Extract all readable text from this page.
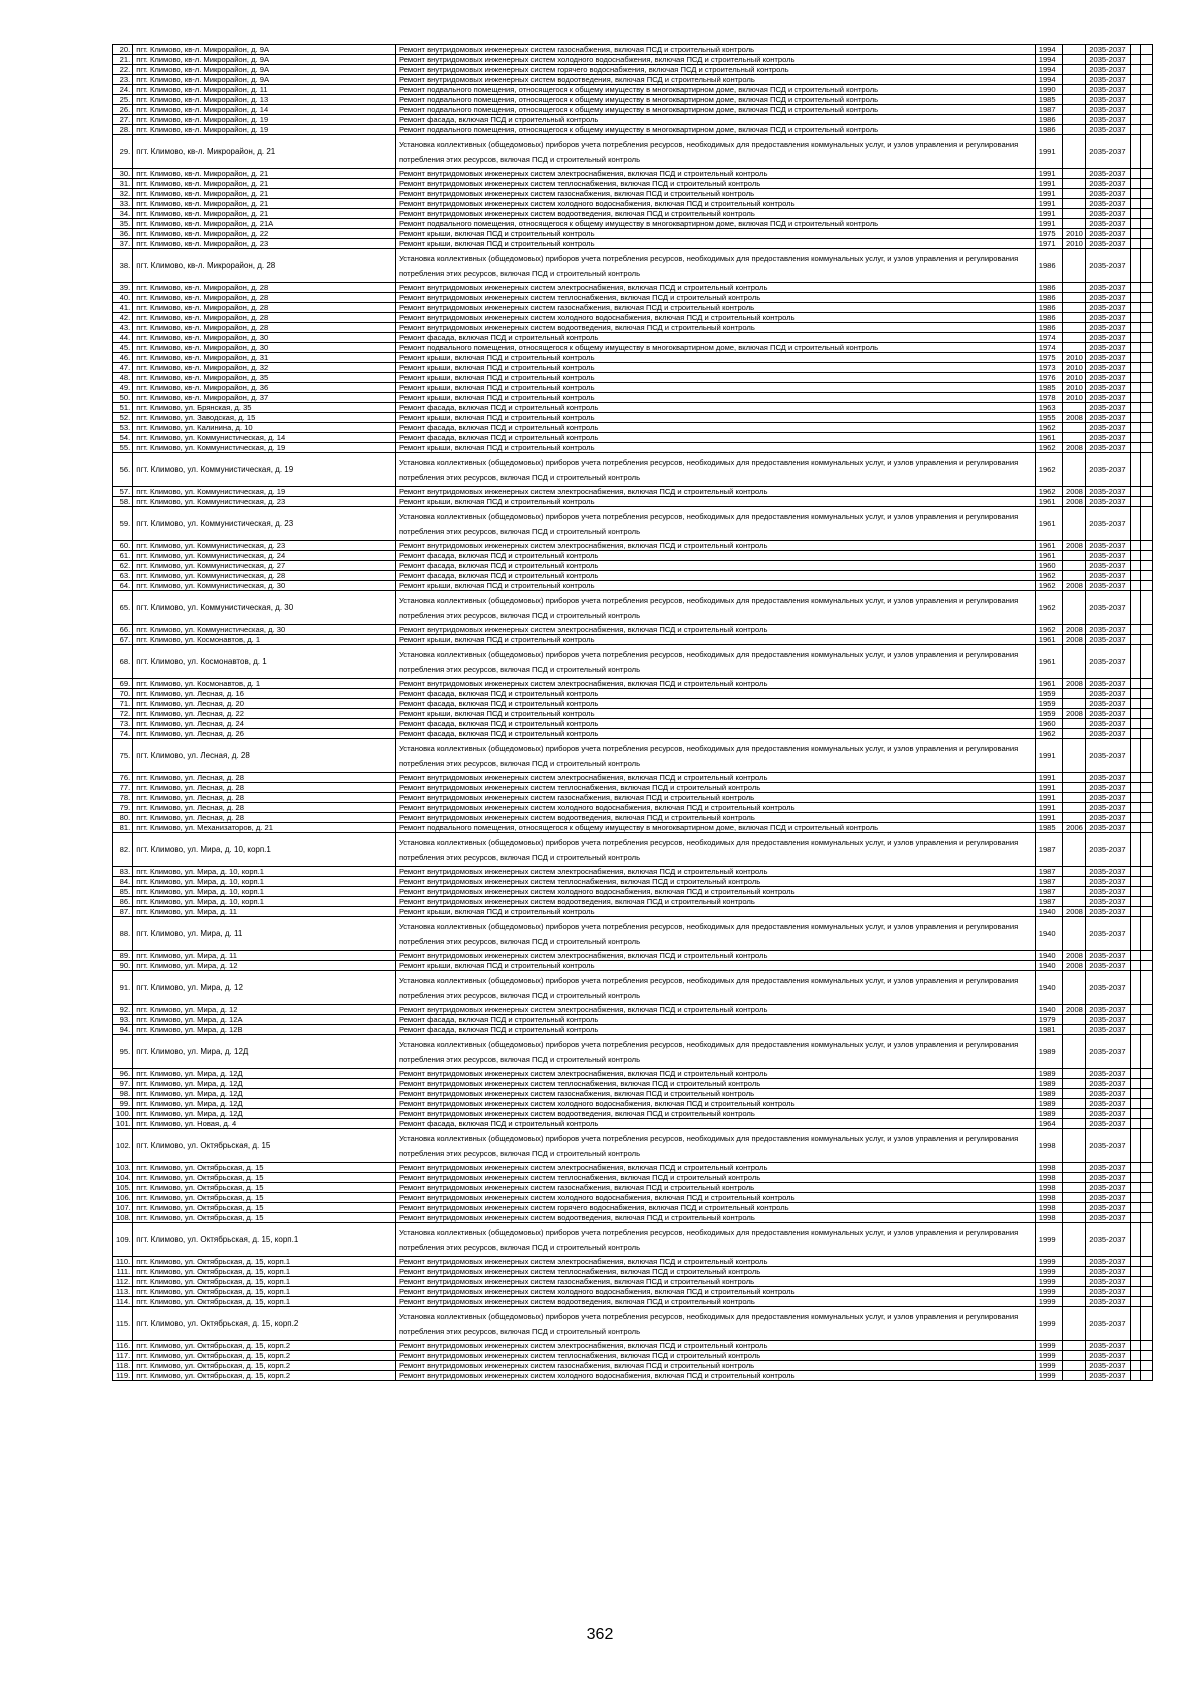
20.	пгт. Климово, кв-л. Микрорайон, д. 9А	Ремонт внутридомовых инженерных систем газоснабжения, включая ПСД и строительный контроль	1994		2035-2037		
21.	пгт. Климово, кв-л. Микрорайон, д. 9А	Ремонт внутридомовых инженерных систем холодного водоснабжения, включая ПСД и строительный контроль	1994		2035-2037		
22.	пгт. Климово, кв-л. Микрорайон, д. 9А	Ремонт внутридомовых инженерных систем горячего водоснабжения, включая ПСД и строительный контроль	1994		2035-2037		
23.	пгт. Климово, кв-л. Микрорайон, д. 9А	Ремонт внутридомовых инженерных систем водоотведения, включая ПСД и строительный контроль	1994		2035-2037		
24.	пгт. Климово, кв-л. Микрорайон, д. 11	Ремонт подвального помещения, относящегося к общему имуществу в многоквартирном доме, включая ПСД и строительный контроль	1990		2035-2037		
25.	пгт. Климово, кв-л. Микрорайон, д. 13	Ремонт подвального помещения, относящегося к общему имуществу в многоквартирном доме, включая ПСД и строительный контроль	1985		2035-2037		
26.	пгт. Климово, кв-л. Микрорайон, д. 14	Ремонт подвального помещения, относящегося к общему имуществу в многоквартирном доме, включая ПСД и строительный контроль	1987		2035-2037		
27.	пгт. Климово, кв-л. Микрорайон, д. 19	Ремонт фасада, включая ПСД и строительный контроль	1986		2035-2037		
28.	пгт. Климово, кв-л. Микрорайон, д. 19	Ремонт подвального помещения, относящегося к общему имуществу в многоквартирном доме, включая ПСД и строительный контроль	1986		2035-2037		
29.	пгт. Климово, кв-л. Микрорайон, д. 21	Установка коллективных (общедомовых) приборов учета потребления ресурсов, необходимых для предоставления коммунальных услуг, и узлов управления и регулирования потребления этих ресурсов, включая ПСД и строительный контроль	1991		2035-2037		
30.	пгт. Климово, кв-л. Микрорайон, д. 21	Ремонт внутридомовых инженерных систем электроснабжения, включая ПСД и строительный контроль	1991		2035-2037		
31.	пгт. Климово, кв-л. Микрорайон, д. 21	Ремонт внутридомовых инженерных систем теплоснабжения, включая ПСД и строительный контроль	1991		2035-2037		
32.	пгт. Климово, кв-л. Микрорайон, д. 21	Ремонт внутридомовых инженерных систем газоснабжения, включая ПСД и строительный контроль	1991		2035-2037		
33.	пгт. Климово, кв-л. Микрорайон, д. 21	Ремонт внутридомовых инженерных систем холодного водоснабжения, включая ПСД и строительный контроль	1991		2035-2037		
34.	пгт. Климово, кв-л. Микрорайон, д. 21	Ремонт внутридомовых инженерных систем водоотведения, включая ПСД и строительный контроль	1991		2035-2037		
35.	пгт. Климово, кв-л. Микрорайон, д. 21А	Ремонт подвального помещения, относящегося к общему имуществу в многоквартирном доме, включая ПСД и строительный контроль	1991		2035-2037		
36.	пгт. Климово, кв-л. Микрорайон, д. 22	Ремонт крыши, включая ПСД и строительный контроль	1975	2010	2035-2037		
37.	пгт. Климово, кв-л. Микрорайон, д. 23	Ремонт крыши, включая ПСД и строительный контроль	1971	2010	2035-2037		
38.	пгт. Климово, кв-л. Микрорайон, д. 28	Установка коллективных (общедомовых) приборов учета потребления ресурсов, необходимых для предоставления коммунальных услуг, и узлов управления и регулирования потребления этих ресурсов, включая ПСД и строительный контроль	1986		2035-2037		
39.	пгт. Климово, кв-л. Микрорайон, д. 28	Ремонт внутридомовых инженерных систем электроснабжения, включая ПСД и строительный контроль	1986		2035-2037		
40.	пгт. Климово, кв-л. Микрорайон, д. 28	Ремонт внутридомовых инженерных систем теплоснабжения, включая ПСД и строительный контроль	1986		2035-2037		
41.	пгт. Климово, кв-л. Микрорайон, д. 28	Ремонт внутридомовых инженерных систем газоснабжения, включая ПСД и строительный контроль	1986		2035-2037		
42.	пгт. Климово, кв-л. Микрорайон, д. 28	Ремонт внутридомовых инженерных систем холодного водоснабжения, включая ПСД и строительный контроль	1986		2035-2037		
43.	пгт. Климово, кв-л. Микрорайон, д. 28	Ремонт внутридомовых инженерных систем водоотведения, включая ПСД и строительный контроль	1986		2035-2037		
44.	пгт. Климово, кв-л. Микрорайон, д. 30	Ремонт фасада, включая ПСД и строительный контроль	1974		2035-2037		
45.	пгт. Климово, кв-л. Микрорайон, д. 30	Ремонт подвального помещения, относящегося к общему имуществу в многоквартирном доме, включая ПСД и строительный контроль	1974		2035-2037		
46.	пгт. Климово, кв-л. Микрорайон, д. 31	Ремонт крыши, включая ПСД и строительный контроль	1975	2010	2035-2037		
47.	пгт. Климово, кв-л. Микрорайон, д. 32	Ремонт крыши, включая ПСД и строительный контроль	1973	2010	2035-2037		
48.	пгт. Климово, кв-л. Микрорайон, д. 35	Ремонт крыши, включая ПСД и строительный контроль	1976	2010	2035-2037		
49.	пгт. Климово, кв-л. Микрорайон, д. 36	Ремонт крыши, включая ПСД и строительный контроль	1985	2010	2035-2037		
50.	пгт. Климово, кв-л. Микрорайон, д. 37	Ремонт крыши, включая ПСД и строительный контроль	1978	2010	2035-2037		
51.	пгт. Климово, ул. Брянская, д. 35	Ремонт фасада, включая ПСД и строительный контроль	1963		2035-2037		
52.	пгт. Климово, ул. Заводская, д. 15	Ремонт крыши, включая ПСД и строительный контроль	1955	2008	2035-2037		
53.	пгт. Климово, ул. Калинина, д. 10	Ремонт фасада, включая ПСД и строительный контроль	1962		2035-2037		
54.	пгт. Климово, ул. Коммунистическая, д. 14	Ремонт фасада, включая ПСД и строительный контроль	1961		2035-2037		
55.	пгт. Климово, ул. Коммунистическая, д. 19	Ремонт крыши, включая ПСД и строительный контроль	1962	2008	2035-2037		
56.	пгт. Климово, ул. Коммунистическая, д. 19	Установка коллективных (общедомовых) приборов учета потребления ресурсов, необходимых для предоставления коммунальных услуг, и узлов управления и регулирования потребления этих ресурсов, включая ПСД и строительный контроль	1962		2035-2037		
57.	пгт. Климово, ул. Коммунистическая, д. 19	Ремонт внутридомовых инженерных систем электроснабжения, включая ПСД и строительный контроль	1962	2008	2035-2037		
58.	пгт. Климово, ул. Коммунистическая, д. 23	Ремонт крыши, включая ПСД и строительный контроль	1961	2008	2035-2037		
59.	пгт. Климово, ул. Коммунистическая, д. 23	Установка коллективных (общедомовых) приборов учета потребления ресурсов, необходимых для предоставления коммунальных услуг, и узлов управления и регулирования потребления этих ресурсов, включая ПСД и строительный контроль	1961		2035-2037		
60.	пгт. Климово, ул. Коммунистическая, д. 23	Ремонт внутридомовых инженерных систем электроснабжения, включая ПСД и строительный контроль	1961	2008	2035-2037		
61.	пгт. Климово, ул. Коммунистическая, д. 24	Ремонт фасада, включая ПСД и строительный контроль	1961		2035-2037		
62.	пгт. Климово, ул. Коммунистическая, д. 27	Ремонт фасада, включая ПСД и строительный контроль	1960		2035-2037		
63.	пгт. Климово, ул. Коммунистическая, д. 28	Ремонт фасада, включая ПСД и строительный контроль	1962		2035-2037		
64.	пгт. Климово, ул. Коммунистическая, д. 30	Ремонт крыши, включая ПСД и строительный контроль	1962	2008	2035-2037		
65.	пгт. Климово, ул. Коммунистическая, д. 30	Установка коллективных (общедомовых) приборов учета потребления ресурсов, необходимых для предоставления коммунальных услуг, и узлов управления и регулирования потребления этих ресурсов, включая ПСД и строительный контроль	1962		2035-2037		
66.	пгт. Климово, ул. Коммунистическая, д. 30	Ремонт внутридомовых инженерных систем электроснабжения, включая ПСД и строительный контроль	1962	2008	2035-2037		
67.	пгт. Климово, ул. Космонавтов, д. 1	Ремонт крыши, включая ПСД и строительный контроль	1961	2008	2035-2037		
68.	пгт. Климово, ул. Космонавтов, д. 1	Установка коллективных (общедомовых) приборов учета потребления ресурсов, необходимых для предоставления коммунальных услуг, и узлов управления и регулирования потребления этих ресурсов, включая ПСД и строительный контроль	1961		2035-2037		
69.	пгт. Климово, ул. Космонавтов, д. 1	Ремонт внутридомовых инженерных систем электроснабжения, включая ПСД и строительный контроль	1961	2008	2035-2037		
70.	пгт. Климово, ул. Лесная, д. 16	Ремонт фасада, включая ПСД и строительный контроль	1959		2035-2037		
71.	пгт. Климово, ул. Лесная, д. 20	Ремонт фасада, включая ПСД и строительный контроль	1959		2035-2037		
72.	пгт. Климово, ул. Лесная, д. 22	Ремонт крыши, включая ПСД и строительный контроль	1959	2008	2035-2037		
73.	пгт. Климово, ул. Лесная, д. 24	Ремонт фасада, включая ПСД и строительный контроль	1960		2035-2037		
74.	пгт. Климово, ул. Лесная, д. 26	Ремонт фасада, включая ПСД и строительный контроль	1962		2035-2037		
75.	пгт. Климово, ул. Лесная, д. 28	Установка коллективных (общедомовых) приборов учета потребления ресурсов, необходимых для предоставления коммунальных услуг, и узлов управления и регулирования потребления этих ресурсов, включая ПСД и строительный контроль	1991		2035-2037		
76.	пгт. Климово, ул. Лесная, д. 28	Ремонт внутридомовых инженерных систем электроснабжения, включая ПСД и строительный контроль	1991		2035-2037		
77.	пгт. Климово, ул. Лесная, д. 28	Ремонт внутридомовых инженерных систем теплоснабжения, включая ПСД и строительный контроль	1991		2035-2037		
78.	пгт. Климово, ул. Лесная, д. 28	Ремонт внутридомовых инженерных систем газоснабжения, включая ПСД и строительный контроль	1991		2035-2037		
79.	пгт. Климово, ул. Лесная, д. 28	Ремонт внутридомовых инженерных систем холодного водоснабжения, включая ПСД и строительный контроль	1991		2035-2037		
80.	пгт. Климово, ул. Лесная, д. 28	Ремонт внутридомовых инженерных систем водоотведения, включая ПСД и строительный контроль	1991		2035-2037		
81.	пгт. Климово, ул. Механизаторов, д. 21	Ремонт подвального помещения, относящегося к общему имуществу в многоквартирном доме, включая ПСД и строительный контроль	1985	2006	2035-2037		
82.	пгт. Климово, ул. Мира, д. 10, корп.1	Установка коллективных (общедомовых) приборов учета потребления ресурсов, необходимых для предоставления коммунальных услуг, и узлов управления и регулирования потребления этих ресурсов, включая ПСД и строительный контроль	1987		2035-2037		
83.	пгт. Климово, ул. Мира, д. 10, корп.1	Ремонт внутридомовых инженерных систем электроснабжения, включая ПСД и строительный контроль	1987		2035-2037		
84.	пгт. Климово, ул. Мира, д. 10, корп.1	Ремонт внутридомовых инженерных систем теплоснабжения, включая ПСД и строительный контроль	1987		2035-2037		
85.	пгт. Климово, ул. Мира, д. 10, корп.1	Ремонт внутридомовых инженерных систем холодного водоснабжения, включая ПСД и строительный контроль	1987		2035-2037		
86.	пгт. Климово, ул. Мира, д. 10, корп.1	Ремонт внутридомовых инженерных систем водоотведения, включая ПСД и строительный контроль	1987		2035-2037		
87.	пгт. Климово, ул. Мира, д. 11	Ремонт крыши, включая ПСД и строительный контроль	1940	2008	2035-2037		
88.	пгт. Климово, ул. Мира, д. 11	Установка коллективных (общедомовых) приборов учета потребления ресурсов, необходимых для предоставления коммунальных услуг, и узлов управления и регулирования потребления этих ресурсов, включая ПСД и строительный контроль	1940		2035-2037		
89.	пгт. Климово, ул. Мира, д. 11	Ремонт внутридомовых инженерных систем электроснабжения, включая ПСД и строительный контроль	1940	2008	2035-2037		
90.	пгт. Климово, ул. Мира, д. 12	Ремонт крыши, включая ПСД и строительный контроль	1940	2008	2035-2037		
91.	пгт. Климово, ул. Мира, д. 12	Установка коллективных (общедомовых) приборов учета потребления ресурсов, необходимых для предоставления коммунальных услуг, и узлов управления и регулирования потребления этих ресурсов, включая ПСД и строительный контроль	1940		2035-2037		
92.	пгт. Климово, ул. Мира, д. 12	Ремонт внутридомовых инженерных систем электроснабжения, включая ПСД и строительный контроль	1940	2008	2035-2037		
93.	пгт. Климово, ул. Мира, д. 12А	Ремонт фасада, включая ПСД и строительный контроль	1979		2035-2037		
94.	пгт. Климово, ул. Мира, д. 12В	Ремонт фасада, включая ПСД и строительный контроль	1981		2035-2037		
95.	пгт. Климово, ул. Мира, д. 12Д	Установка коллективных (общедомовых) приборов учета потребления ресурсов, необходимых для предоставления коммунальных услуг, и узлов управления и регулирования потребления этих ресурсов, включая ПСД и строительный контроль	1989		2035-2037		
96.	пгт. Климово, ул. Мира, д. 12Д	Ремонт внутридомовых инженерных систем электроснабжения, включая ПСД и строительный контроль	1989		2035-2037		
97.	пгт. Климово, ул. Мира, д. 12Д	Ремонт внутридомовых инженерных систем теплоснабжения, включая ПСД и строительный контроль	1989		2035-2037		
98.	пгт. Климово, ул. Мира, д. 12Д	Ремонт внутридомовых инженерных систем газоснабжения, включая ПСД и строительный контроль	1989		2035-2037		
99.	пгт. Климово, ул. Мира, д. 12Д	Ремонт внутридомовых инженерных систем холодного водоснабжения, включая ПСД и строительный контроль	1989		2035-2037		
100.	пгт. Климово, ул. Мира, д. 12Д	Ремонт внутридомовых инженерных систем водоотведения, включая ПСД и строительный контроль	1989		2035-2037		
101.	пгт. Климово, ул. Новая, д. 4	Ремонт фасада, включая ПСД и строительный контроль	1964		2035-2037		
102.	пгт. Климово, ул. Октябрьская, д. 15	Установка коллективных (общедомовых) приборов учета потребления ресурсов, необходимых для предоставления коммунальных услуг, и узлов управления и регулирования потребления этих ресурсов, включая ПСД и строительный контроль	1998		2035-2037		
103.	пгт. Климово, ул. Октябрьская, д. 15	Ремонт внутридомовых инженерных систем электроснабжения, включая ПСД и строительный контроль	1998		2035-2037		
104.	пгт. Климово, ул. Октябрьская, д. 15	Ремонт внутридомовых инженерных систем теплоснабжения, включая ПСД и строительный контроль	1998		2035-2037		
105.	пгт. Климово, ул. Октябрьская, д. 15	Ремонт внутридомовых инженерных систем газоснабжения, включая ПСД и строительный контроль	1998		2035-2037		
106.	пгт. Климово, ул. Октябрьская, д. 15	Ремонт внутридомовых инженерных систем холодного водоснабжения, включая ПСД и строительный контроль	1998		2035-2037		
107.	пгт. Климово, ул. Октябрьская, д. 15	Ремонт внутридомовых инженерных систем горячего водоснабжения, включая ПСД и строительный контроль	1998		2035-2037		
108.	пгт. Климово, ул. Октябрьская, д. 15	Ремонт внутридомовых инженерных систем водоотведения, включая ПСД и строительный контроль	1998		2035-2037		
109.	пгт. Климово, ул. Октябрьская, д. 15, корп.1	Установка коллективных (общедомовых) приборов учета потребления ресурсов, необходимых для предоставления коммунальных услуг, и узлов управления и регулирования потребления этих ресурсов, включая ПСД и строительный контроль	1999		2035-2037		
110.	пгт. Климово, ул. Октябрьская, д. 15, корп.1	Ремонт внутридомовых инженерных систем электроснабжения, включая ПСД и строительный контроль	1999		2035-2037		
111.	пгт. Климово, ул. Октябрьская, д. 15, корп.1	Ремонт внутридомовых инженерных систем теплоснабжения, включая ПСД и строительный контроль	1999		2035-2037		
112.	пгт. Климово, ул. Октябрьская, д. 15, корп.1	Ремонт внутридомовых инженерных систем газоснабжения, включая ПСД и строительный контроль	1999		2035-2037		
113.	пгт. Климово, ул. Октябрьская, д. 15, корп.1	Ремонт внутридомовых инженерных систем холодного водоснабжения, включая ПСД и строительный контроль	1999		2035-2037		
114.	пгт. Климово, ул. Октябрьская, д. 15, корп.1	Ремонт внутридомовых инженерных систем водоотведения, включая ПСД и строительный контроль	1999		2035-2037		
115.	пгт. Климово, ул. Октябрьская, д. 15, корп.2	Установка коллективных (общедомовых) приборов учета потребления ресурсов, необходимых для предоставления коммунальных услуг, и узлов управления и регулирования потребления этих ресурсов, включая ПСД и строительный контроль	1999		2035-2037		
116.	пгт. Климово, ул. Октябрьская, д. 15, корп.2	Ремонт внутридомовых инженерных систем электроснабжения, включая ПСД и строительный контроль	1999		2035-2037		
117.	пгт. Климово, ул. Октябрьская, д. 15, корп.2	Ремонт внутридомовых инженерных систем теплоснабжения, включая ПСД и строительный контроль	1999		2035-2037		
118.	пгт. Климово, ул. Октябрьская, д. 15, корп.2	Ремонт внутридомовых инженерных систем газоснабжения, включая ПСД и строительный контроль	1999		2035-2037		
119.	пгт. Климово, ул. Октябрьская, д. 15, корп.2	Ремонт внутридомовых инженерных систем холодного водоснабжения, включая ПСД и строительный контроль	1999		2035-2037		
362
